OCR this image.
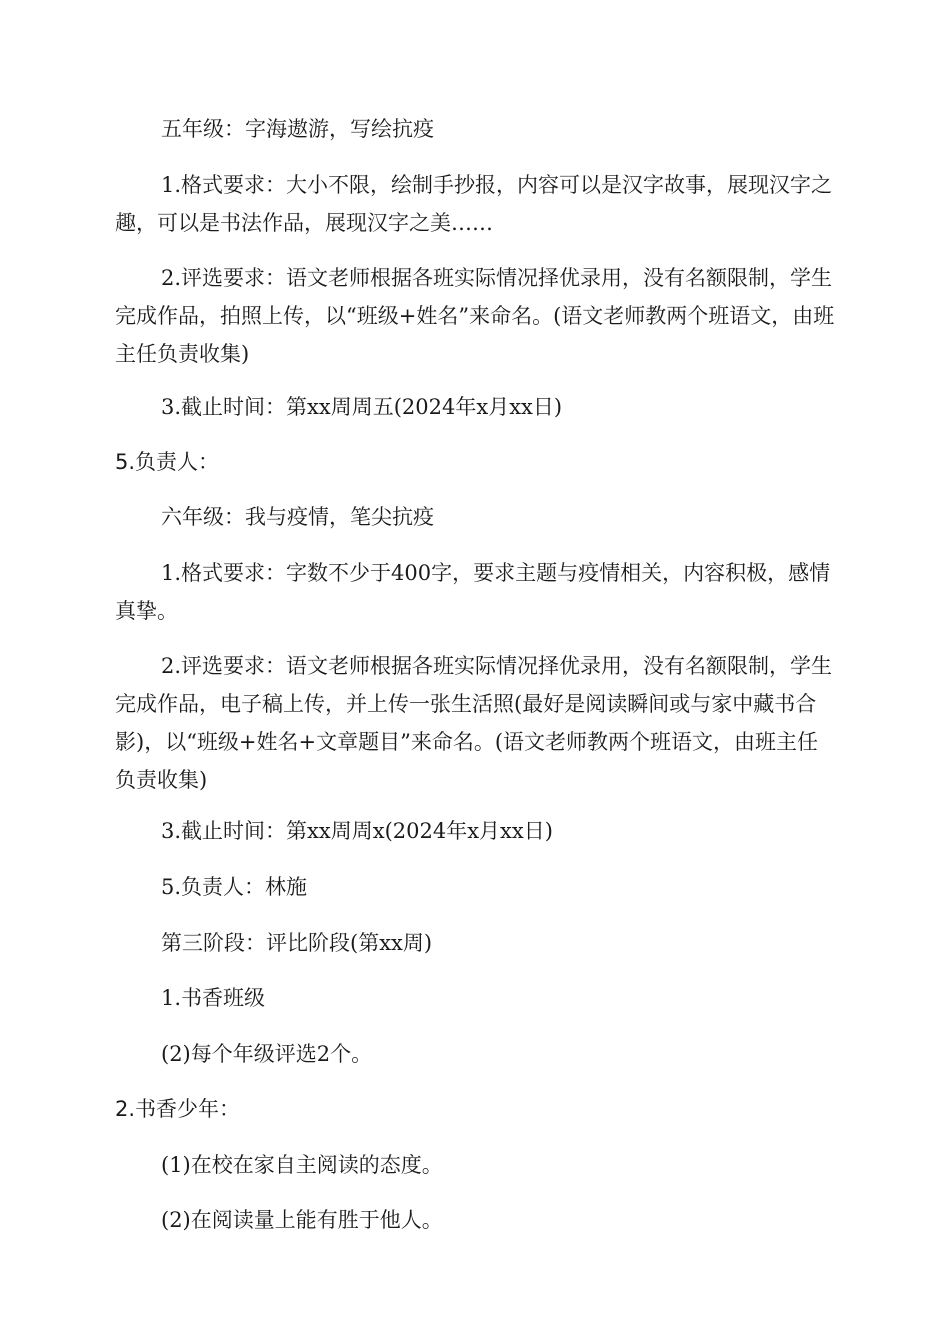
五年级：字海遨游，写绘抗疫

1.格式要求：大小不限，绘制手抄报，内容可以是汉字故事，展现汉字之趣，可以是书法作品，展现汉字之美……

2.评选要求：语文老师根据各班实际情况择优录用，没有名额限制，学生完成作品，拍照上传，以“班级+姓名”来命名。(语文老师教两个班语文，由班主任负责收集)

3.截止时间：第xx周周五(2024年x月xx日)

5.负责人：

六年级：我与疫情，笔尖抗疫

1.格式要求：字数不少于400字，要求主题与疫情相关，内容积极，感情真挚。

2.评选要求：语文老师根据各班实际情况择优录用，没有名额限制，学生完成作品，电子稿上传，并上传一张生活照(最好是阅读瞬间或与家中藏书合影)，以“班级+姓名+文章题目”来命名。(语文老师教两个班语文，由班主任负责收集)

3.截止时间：第xx周周x(2024年x月xx日)

5.负责人：林施

第三阶段：评比阶段(第xx周)

1.书香班级

(2)每个年级评选2个。

2.书香少年：

(1)在校在家自主阅读的态度。

(2)在阅读量上能有胜于他人。
